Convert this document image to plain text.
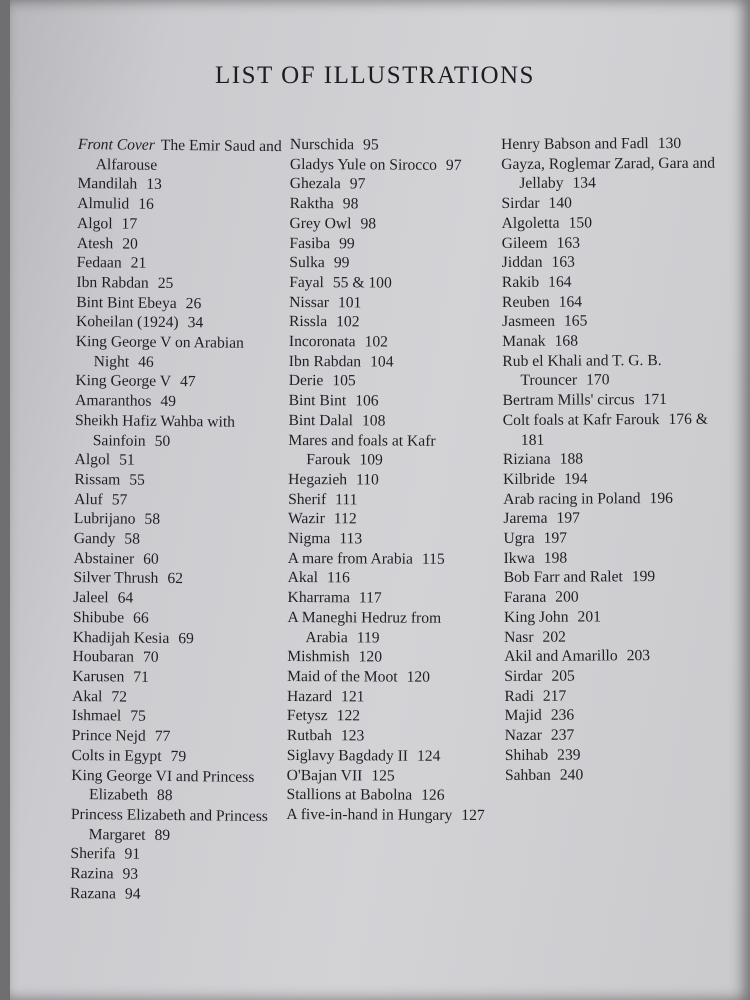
LIST OF ILLUSTRATIONS

Front Cover The Emir Saud and Alfarouse

Mandilah 13

Almulid 16

Algol 17

Atesh 20

Fedaan 21

Ibn Rabdan 25

Bint Bint Ebeya 26

Koheilan (1924) 34

King George V on Arabian Night 46

King George V 47

Amaranthos 49

Sheikh Hafiz Wahba with Sainfoin 50

Algol 51

Rissam 55

Aluf 57

Lubrijano 58

Gandy 58

Abstainer 60

Silver Thrush 62

Jaleel 64

Shibube 66

Khadijah Kesia 69

Houbaran 70

Karusen 71

Akal 72

Ishmael 75

Prince Nejd 77

Colts in Egypt 79

King George VI and Princess Elizabeth 88

Princess Elizabeth and Princess Margaret 89

Sherifa 91

Razina 93

Razana 94

Nurschida 95

Gladys Yule on Sirocco 97

Ghezala 97

Raktha 98

Grey Owl 98

Fasiba 99

Sulka 99

Fayal 55 & 100

Nissar 101

Rissla 102

Incoronata 102

Ibn Rabdan 104

Derie 105

Bint Bint 106

Bint Dalal 108

Mares and foals at Kafr Farouk 109

Hegazieh 110

Sherif 111

Wazir 112

Nigma 113

A mare from Arabia 115

Akal 116

Kharrama 117

A Maneghi Hedruz from Arabia 119

Mishmish 120

Maid of the Moot 120

Hazard 121

Fetysz 122

Rutbah 123

Siglavy Bagdady II 124

O'Bajan VII 125

Stallions at Babolna 126

A five-in-hand in Hungary 127

Henry Babson and Fadl 130

Gayza, Roglemar Zarad, Gara and Jellaby 134

Sirdar 140

Algoletta 150

Gileem 163

Jiddan 163

Rakib 164

Reuben 164

Jasmeen 165

Manak 168

Rub el Khali and T. G. B. Trouncer 170

Bertram Mills' circus 171

Colt foals at Kafr Farouk 176 & 181

Riziana 188

Kilbride 194

Arab racing in Poland 196

Jarema 197

Ugra 197

Ikwa 198

Bob Farr and Ralet 199

Farana 200

King John 201

Nasr 202

Akil and Amarillo 203

Sirdar 205

Radi 217

Majid 236

Nazar 237

Shihab 239

Sahban 240
